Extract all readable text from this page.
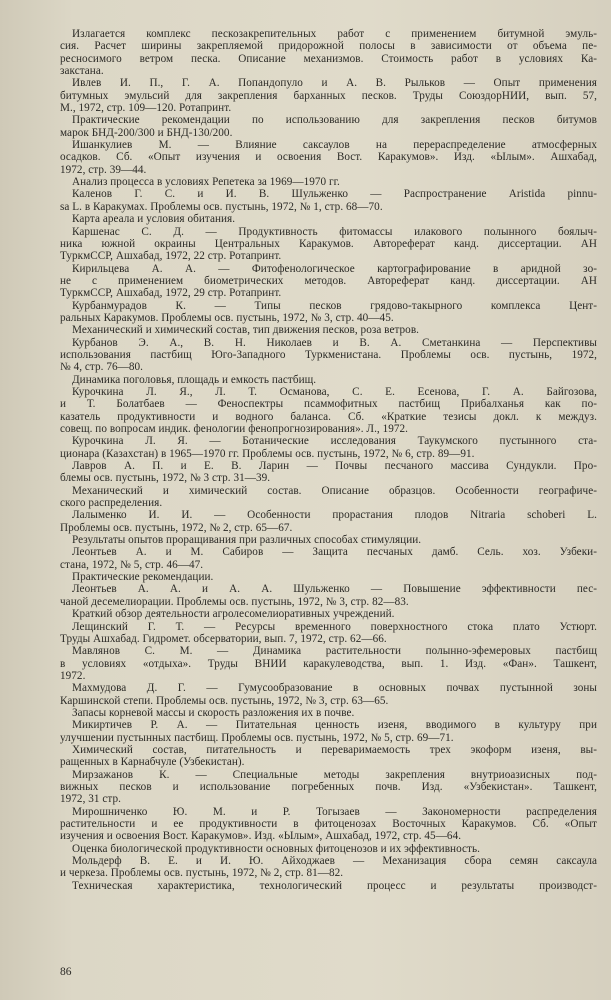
Излагается комплекс пескозакрепительных работ с применением битумной эмуль-
сия. Расчет ширины закрепляемой придорожной полосы в зависимости от объема пе-
ресносимого ветром песка. Описание механизмов. Стоимость работ в условиях Ка-
закстана.
Ивлев И. П., Г. А. Попандопуло и А. В. Рыльков — Опыт применения
битумных эмульсий для закрепления барханных песков. Труды СоюздорНИИ, вып. 57,
М., 1972, стр. 109—120. Ротапринт.
Практические рекомендации по использованию для закрепления песков битумов
марок БНД-200/300 и БНД-130/200.
Ишанкулиев М. — Влияние саксаулов на перераспределение атмосферных
осадков. Сб. «Опыт изучения и освоения Вост. Каракумов». Изд. «Ылым». Ашхабад,
1972, стр. 39—44.
Анализ процесса в условиях Репетека за 1969—1970 гг.
Каленов Г. С. и И. В. Шульженко — Распространение Aristida pinnu-
sa L. в Каракумах. Проблемы осв. пустынь, 1972, № 1, стр. 68—70.
Карта ареала и условия обитания.
Каршенас С. Д. — Продуктивность фитомассы илакового полынного боялыч-
ника южной окраины Центральных Каракумов. Автореферат канд. диссертации. АН
ТуркмССР, Ашхабад, 1972, 22 стр. Ротапринт.
Кирильцева А. А. — Фитофенологическое картографирование в аридной зо-
не с применением биометрических методов. Автореферат канд. диссертации. АН
ТуркмССР, Ашхабад, 1972, 29 стр. Ротапринт.
Курбанмурадов К. — Типы песков грядово-такырного комплекса Цент-
ральных Каракумов. Проблемы осв. пустынь, 1972, № 3, стр. 40—45.
Механический и химический состав, тип движения песков, роза ветров.
Курбанов Э. А., В. Н. Николаев и В. А. Сметанкина — Перспективы
использования пастбищ Юго-Западного Туркменистана. Проблемы осв. пустынь, 1972,
№ 4, стр. 76—80.
Динамика поголовья, площадь и емкость пастбищ.
Курочкина Л. Я., Л. Т. Османова, С. Е. Есенова, Г. А. Байгозова,
и Т. Болатбаев — Феноспектры псаммофитных пастбищ Прибалханья как по-
казатель продуктивности и водного баланса. Сб. «Краткие тезисы докл. к междуз.
совещ. по вопросам индик. фенологии фенопрогнозирования». Л., 1972.
Курочкина Л. Я. — Ботанические исследования Таукумского пустынного ста-
ционара (Казахстан) в 1965—1970 гг. Проблемы осв. пустынь, 1972, № 6, стр. 89—91.
Лавров А. П. и Е. В. Ларин — Почвы песчаного массива Сундукли. Про-
блемы осв. пустынь, 1972, № 3 стр. 31—39.
Механический и химический состав. Описание образцов. Особенности географиче-
ского распределения.
Лалыменко И. И. — Особенности прорастания плодов Nitraria schoberi L.
Проблемы осв. пустынь, 1972, № 2, стр. 65—67.
Результаты опытов проращивания при различных способах стимуляции.
Леонтьев А. и М. Сабиров — Защита песчаных дамб. Сель. хоз. Узбеки-
стана, 1972, № 5, стр. 46—47.
Практические рекомендации.
Леонтьев А. А. и А. А. Шульженко — Повышение эффективности пес-
чаной десемелиорации. Проблемы осв. пустынь, 1972, № 3, стр. 82—83.
Краткий обзор деятельности агролесомелиоративных учреждений.
Лещинский Г. Т. — Ресурсы временного поверхностного стока плато Устюрт.
Труды Ашхабад. Гидромет. обсерватории, вып. 7, 1972, стр. 62—66.
Мавлянов С. М. — Динамика растительности полынно-эфемеровых пастбищ
в условиях «отдыха». Труды ВНИИ каракулеводства, вып. 1. Изд. «Фан». Ташкент,
1972.
Махмудова Д. Г. — Гумусообразование в основных почвах пустынной зоны
Каршинской степи. Проблемы осв. пустынь, 1972, № 3, стр. 63—65.
Запасы корневой массы и скорость разложения их в почве.
Микиртичев Р. А. — Питательная ценность изеня, вводимого в культуру при
улучшении пустынных пастбищ. Проблемы осв. пустынь, 1972, № 5, стр. 69—71.
Химический состав, питательность и переваримаемость трех экоформ изеня, вы-
ращенных в Карнабчуле (Узбекистан).
Мирзажанов К. — Специальные методы закрепления внутриоазисных под-
вижных песков и использование погребенных почв. Изд. «Узбекистан». Ташкент,
1972, 31 стр.
Мирошниченко Ю. М. и Р. Тогызаев — Закономерности распределения
растительности и ее продуктивности в фитоценозах Восточных Каракумов. Сб. «Опыт
изучения и освоения Вост. Каракумов». Изд. «Ылым», Ашхабад, 1972, стр. 45—64.
Оценка биологической продуктивности основных фитоценозов и их эффективность.
Мольдерф В. Е. и И. Ю. Айходжаев — Механизация сбора семян саксаула
и черкеза. Проблемы осв. пустынь, 1972, № 2, стр. 81—82.
Техническая характеристика, технологический процесс и результаты производст-
86
